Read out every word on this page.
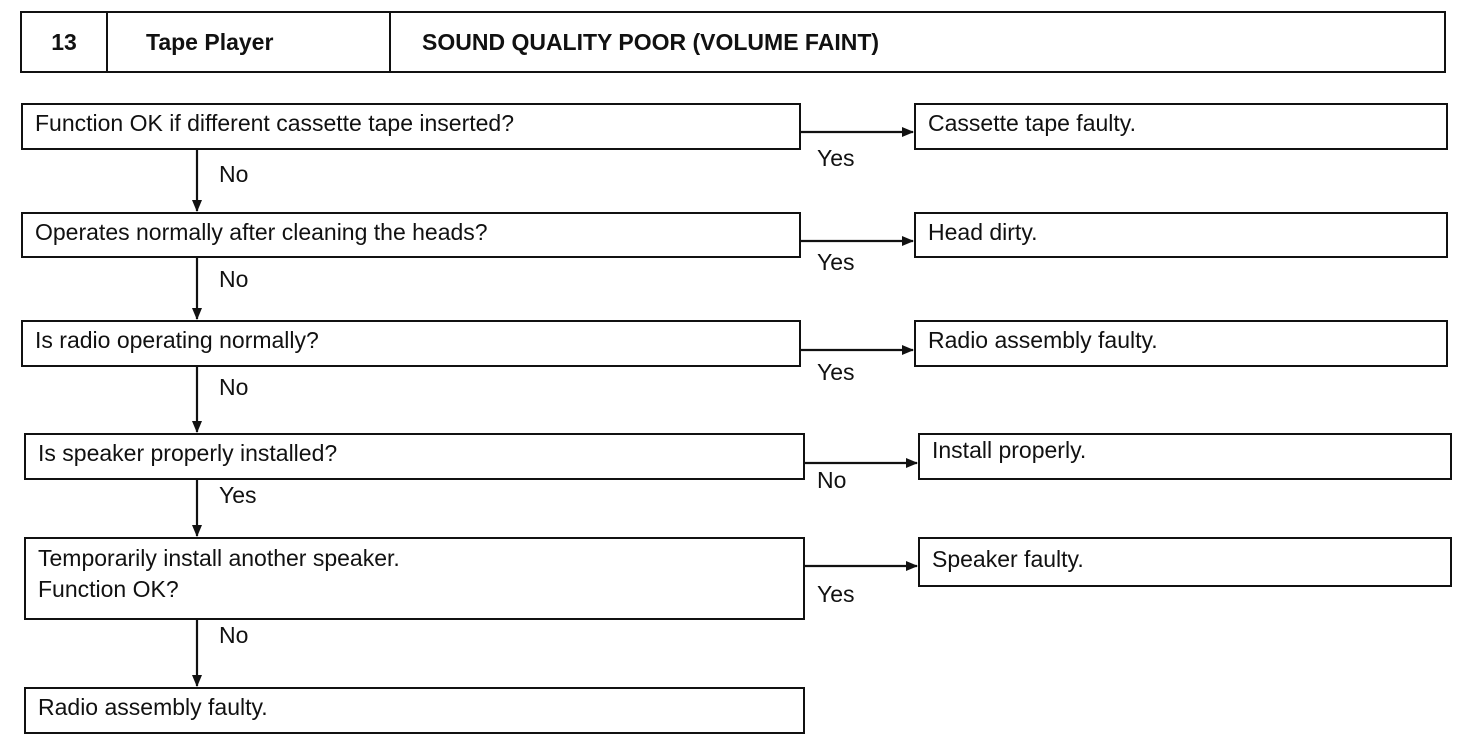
13	Tape Player	SOUND QUALITY POOR (VOLUME FAINT)
Function OK if different cassette tape inserted?	Cassette tape faulty.
Yes
No
Operates normally after cleaning the heads?	Head dirty.
Yes
No
Is radio operating normally?	Radio assembly faulty.
Yes
No
Is speaker properly installed?	Install properly.
No
Yes
Temporarily install another speaker.
Function OK?
Speaker faulty.
Yes
No
Radio assembly faulty.
